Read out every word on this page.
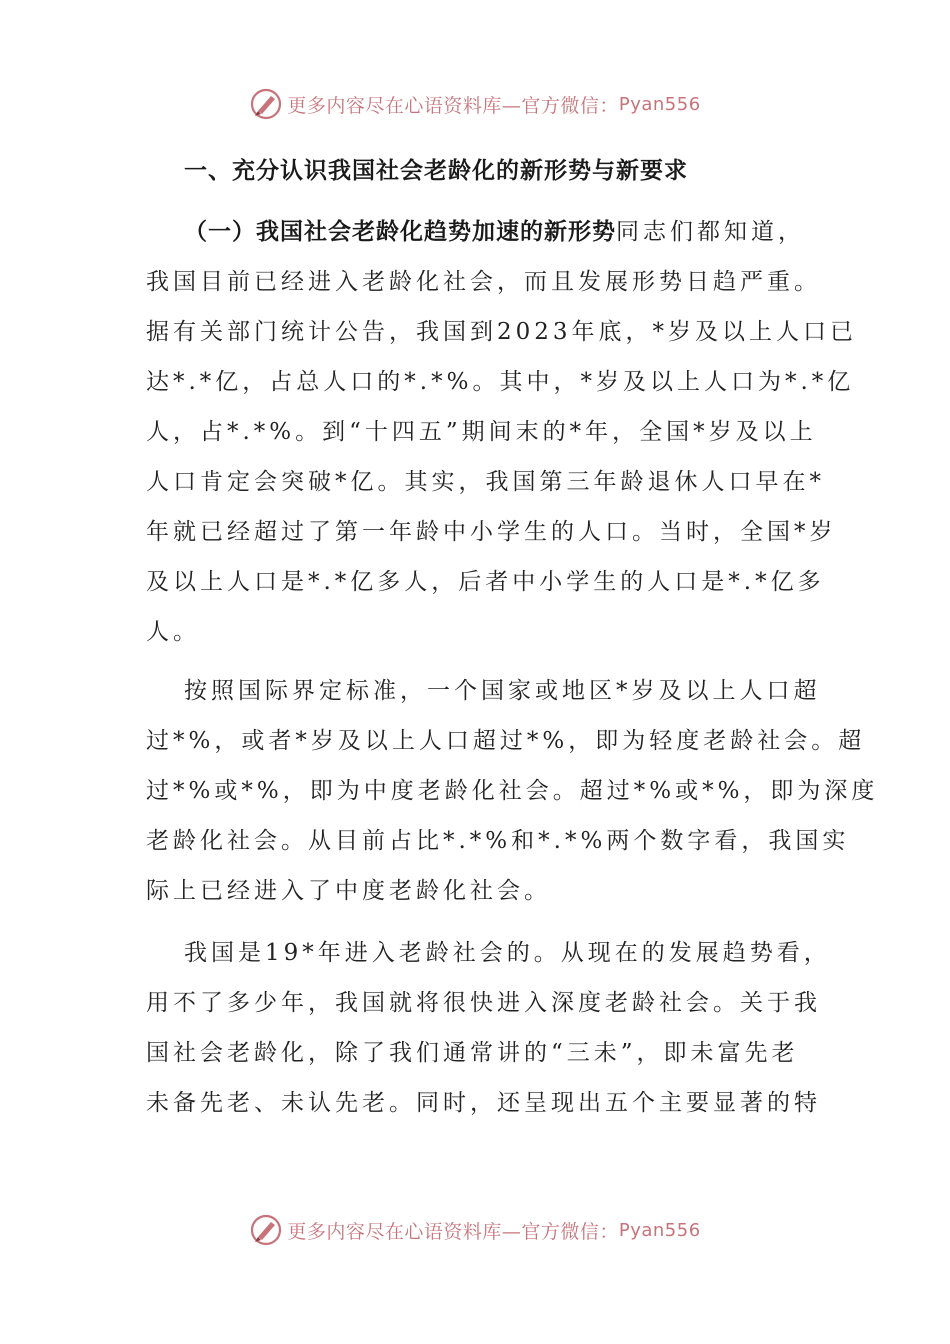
更多内容尽在心语资料库—官方微信： Pyan556
一、充分认识我国社会老龄化的新形势与新要求
（一）我国社会老龄化趋势加速的新形势同志们都知道，
我国目前已经进入老龄化社会，而且发展形势日趋严重。
据有关部门统计公告，我国到2023年底，*岁及以上人口已
达*.*亿，占总人口的*.*%。其中，*岁及以上人口为*.*亿
人，占*.*%。到“十四五”期间末的*年，全国*岁及以上
人口肯定会突破*亿。其实，我国第三年龄退休人口早在*
年就已经超过了第一年龄中小学生的人口。当时，全国*岁
及以上人口是*.*亿多人，后者中小学生的人口是*.*亿多
人。
按照国际界定标准，一个国家或地区*岁及以上人口超
过*%，或者*岁及以上人口超过*%，即为轻度老龄社会。超
过*%或*%，即为中度老龄化社会。超过*%或*%，即为深度
老龄化社会。从目前占比*.*%和*.*%两个数字看，我国实
际上已经进入了中度老龄化社会。
我国是19*年进入老龄社会的。从现在的发展趋势看，
用不了多少年，我国就将很快进入深度老龄社会。关于我
国社会老龄化，除了我们通常讲的“三未”，即未富先老
未备先老、未认先老。同时，还呈现出五个主要显著的特
更多内容尽在心语资料库—官方微信： Pyan556
